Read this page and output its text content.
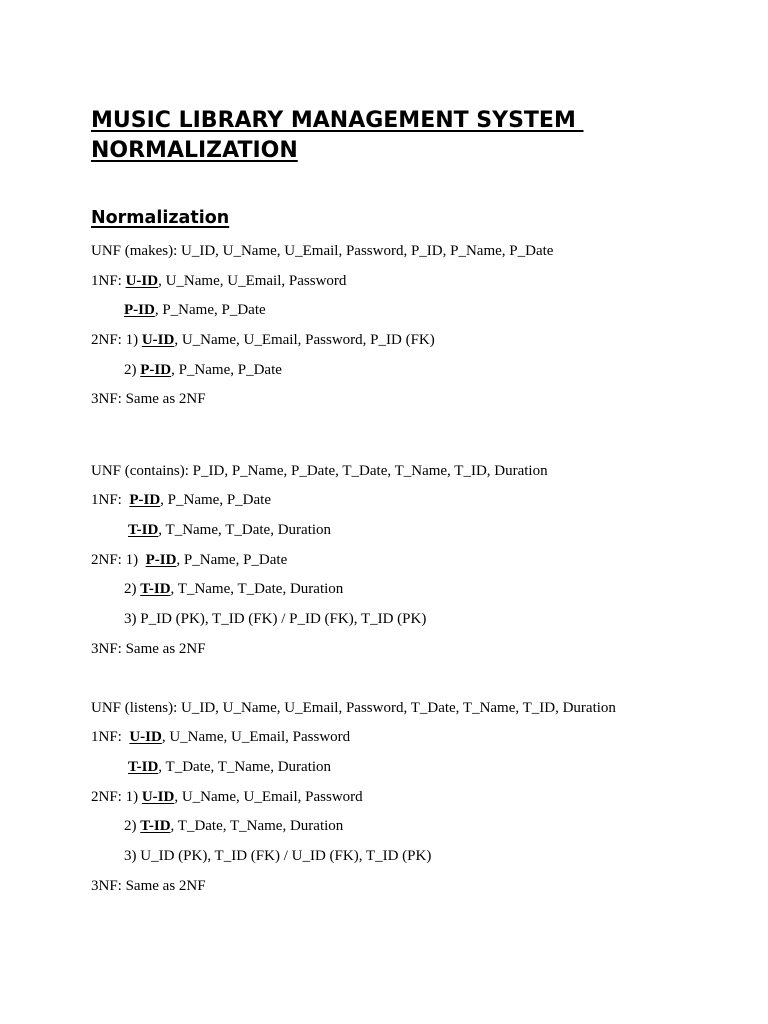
MUSIC LIBRARY MANAGEMENT SYSTEM
NORMALIZATION
Normalization

UNF (makes): U_ID, U_Name, U_Email, Password, P_ID, P_Name, P_Date

1NF: U-ID, U_Name, U_Email, Password

P-ID, P_Name, P_Date

2NF: 1) U-ID, U_Name, U_Email, Password, P_ID (FK)

2) P-ID, P_Name, P_Date

3NF: Same as 2NF

UNF (contains): P_ID, P_Name, P_Date, T_Date, T_Name, T_ID, Duration

1NF:  P-ID, P_Name, P_Date

T-ID, T_Name, T_Date, Duration

2NF: 1)  P-ID, P_Name, P_Date

2) T-ID, T_Name, T_Date, Duration

3) P_ID (PK), T_ID (FK) / P_ID (FK), T_ID (PK)

3NF: Same as 2NF

UNF (listens): U_ID, U_Name, U_Email, Password, T_Date, T_Name, T_ID, Duration

1NF:  U-ID, U_Name, U_Email, Password

T-ID, T_Date, T_Name, Duration

2NF: 1) U-ID, U_Name, U_Email, Password

2) T-ID, T_Date, T_Name, Duration

3) U_ID (PK), T_ID (FK) / U_ID (FK), T_ID (PK)

3NF: Same as 2NF
